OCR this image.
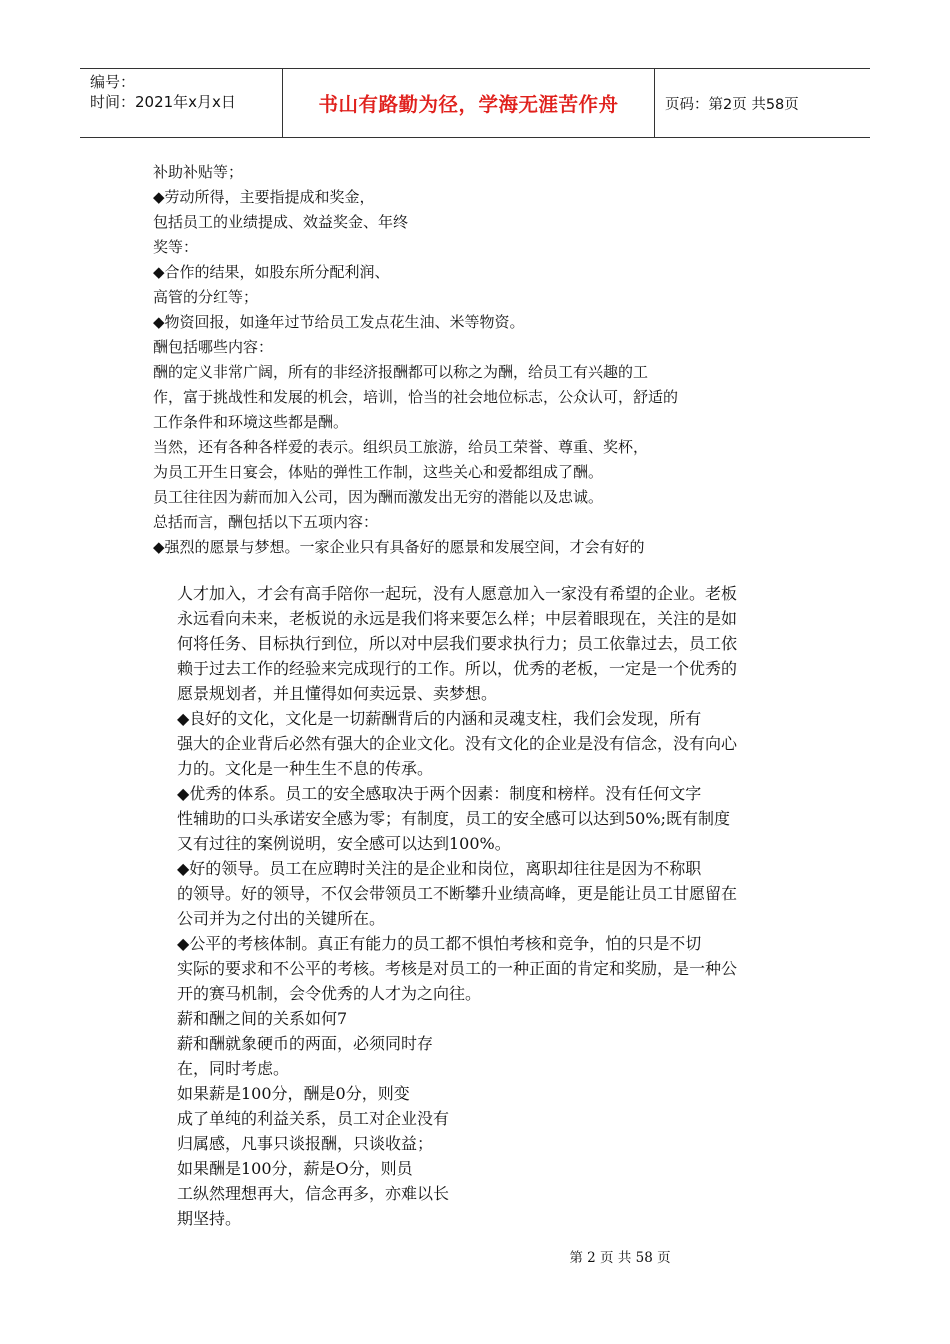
编号：
时间：2021年x月x日	书山有路勤为径，学海无涯苦作舟	页码：第2页 共58页
补助补贴等；
◆劳动所得，主要指提成和奖金，
包括员工的业绩提成、效益奖金、年终
奖等：
◆合作的结果，如股东所分配利润、
高管的分红等；
◆物资回报，如逢年过节给员工发点花生油、米等物资。
酬包括哪些内容：
酬的定义非常广阔，所有的非经济报酬都可以称之为酬，给员工有兴趣的工
作，富于挑战性和发展的机会，培训，恰当的社会地位标志，公众认可，舒适的
工作条件和环境这些都是酬。
当然，还有各种各样爱的表示。组织员工旅游，给员工荣誉、尊重、奖杯，
为员工开生日宴会，体贴的弹性工作制，这些关心和爱都组成了酬。
员工往往因为薪而加入公司，因为酬而激发出无穷的潜能以及忠诚。
总括而言，酬包括以下五项内容：
◆强烈的愿景与梦想。一家企业只有具备好的愿景和发展空间，才会有好的
人才加入，才会有高手陪你一起玩，没有人愿意加入一家没有希望的企业。老板
永远看向未来，老板说的永远是我们将来要怎么样；中层着眼现在，关注的是如
何将任务、目标执行到位，所以对中层我们要求执行力；员工依靠过去，员工依
赖于过去工作的经验来完成现行的工作。所以，优秀的老板，一定是一个优秀的
愿景规划者，并且懂得如何卖远景、卖梦想。
◆良好的文化，文化是一切薪酬背后的内涵和灵魂支柱，我们会发现，所有
强大的企业背后必然有强大的企业文化。没有文化的企业是没有信念，没有向心
力的。文化是一种生生不息的传承。
◆优秀的体系。员工的安全感取决于两个因素：制度和榜样。没有任何文字
性辅助的口头承诺安全感为零；有制度，员工的安全感可以达到50%;既有制度
又有过往的案例说明，安全感可以达到100%。
◆好的领导。员工在应聘时关注的是企业和岗位，离职却往往是因为不称职
的领导。好的领导，不仅会带领员工不断攀升业绩高峰，更是能让员工甘愿留在
公司并为之付出的关键所在。
◆公平的考核体制。真正有能力的员工都不惧怕考核和竞争，怕的只是不切
实际的要求和不公平的考核。考核是对员工的一种正面的肯定和奖励，是一种公
开的赛马机制，会令优秀的人才为之向往。
薪和酬之间的关系如何7
薪和酬就象硬币的两面，必须同时存
在，同时考虑。
如果薪是100分，酬是0分，则变
成了单纯的利益关系，员工对企业没有
归属感，凡事只谈报酬，只谈收益；
如果酬是100分，薪是O分，则员
工纵然理想再大，信念再多，亦难以长
期坚持。
第 2 页 共 58 页
